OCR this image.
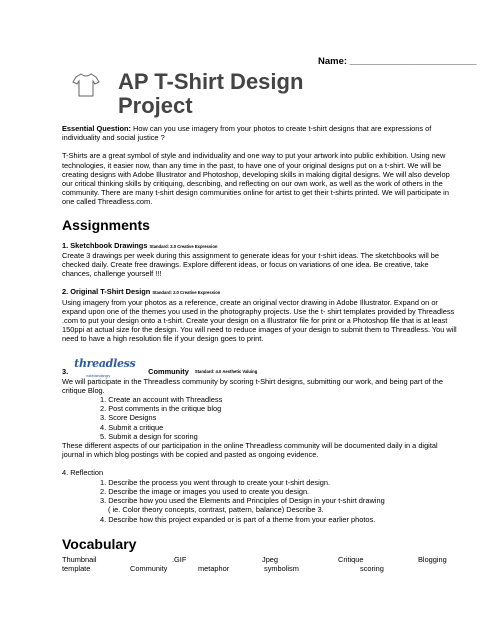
Name: ________________________
AP T-Shirt Design
Project

Essential Question: How can you use imagery from your photos to create t-shirt designs that are expressions of individuality and social justice ?

T-Shirts are a great symbol of style and individuality and one way to put your artwork into public exhibition. Using new technologies, it easier now, than any time in the past, to have one of your original designs put on a t-shirt. We will be creating designs with Adobe Illustrator and Photoshop, developing skills in making digital designs. We will also develop our critical thinking skills by critiquing, describing, and reflecting on our own work, as well as the work of others in the community. There are many t-shirt design communities online for artist to get their t-shirts printed. We will participate in one called Threadless.com.

Assignments

1. Sketchbook Drawings Standard: 2.0 Creative Expression
Create 3 drawings per week during this assignment to generate ideas for your t-shirt ideas. The sketchbooks will be checked daily. Create free drawings. Explore different ideas, or focus on variations of one idea. Be creative, take chances, challenge yourself !!!

2. Original T-Shirt Design Standard: 2.0 Creative Expression
Using imagery from your photos as a reference, create an original vector drawing in Adobe Illustrator. Expand on or expand upon one of the themes you used in the photography projects. Use the t- shirt templates provided by Threadless .com to put your design onto a t-shirt. Create your design on a Illustrator file for print or a Photoshop file that is at least 150ppi at actual size for the design. You will need to reduce images of your design to submit them to Threadless. You will need to have a high resolution file if your design goes to print.

3.
threadless
nakedandangry	Community Standard: 4.0 Aesthetic Valuing

We will participate in the Threadless community by scoring t-Shirt designs, submitting our work, and being part of the critique Blog.

1. Create an account with Threadless
2. Post comments in the critique blog
3. Score Designs
4. Submit a critique
5. Submit a design for scoring

These different aspects of our participation in the online Threadless community will be documented daily in a digital journal in which blog postings with be copied and pasted as ongoing evidence.

4. Reflection
1. Describe the process you went through to create your t-shirt design.
2. Describe the image or images you used to create you design.
3. Describe how you used the Elements and Principles of Design in your t-shirt drawing
( ie. Color theory concepts, contrast, pattern, balance) Describe 3.
4. Describe how this project expanded or is part of a theme from your earlier photos.
Vocabulary
Thumbnail	.GIF	Jpeg	Critique	Blogging
template	Community	metaphor	symbolism	scoring
